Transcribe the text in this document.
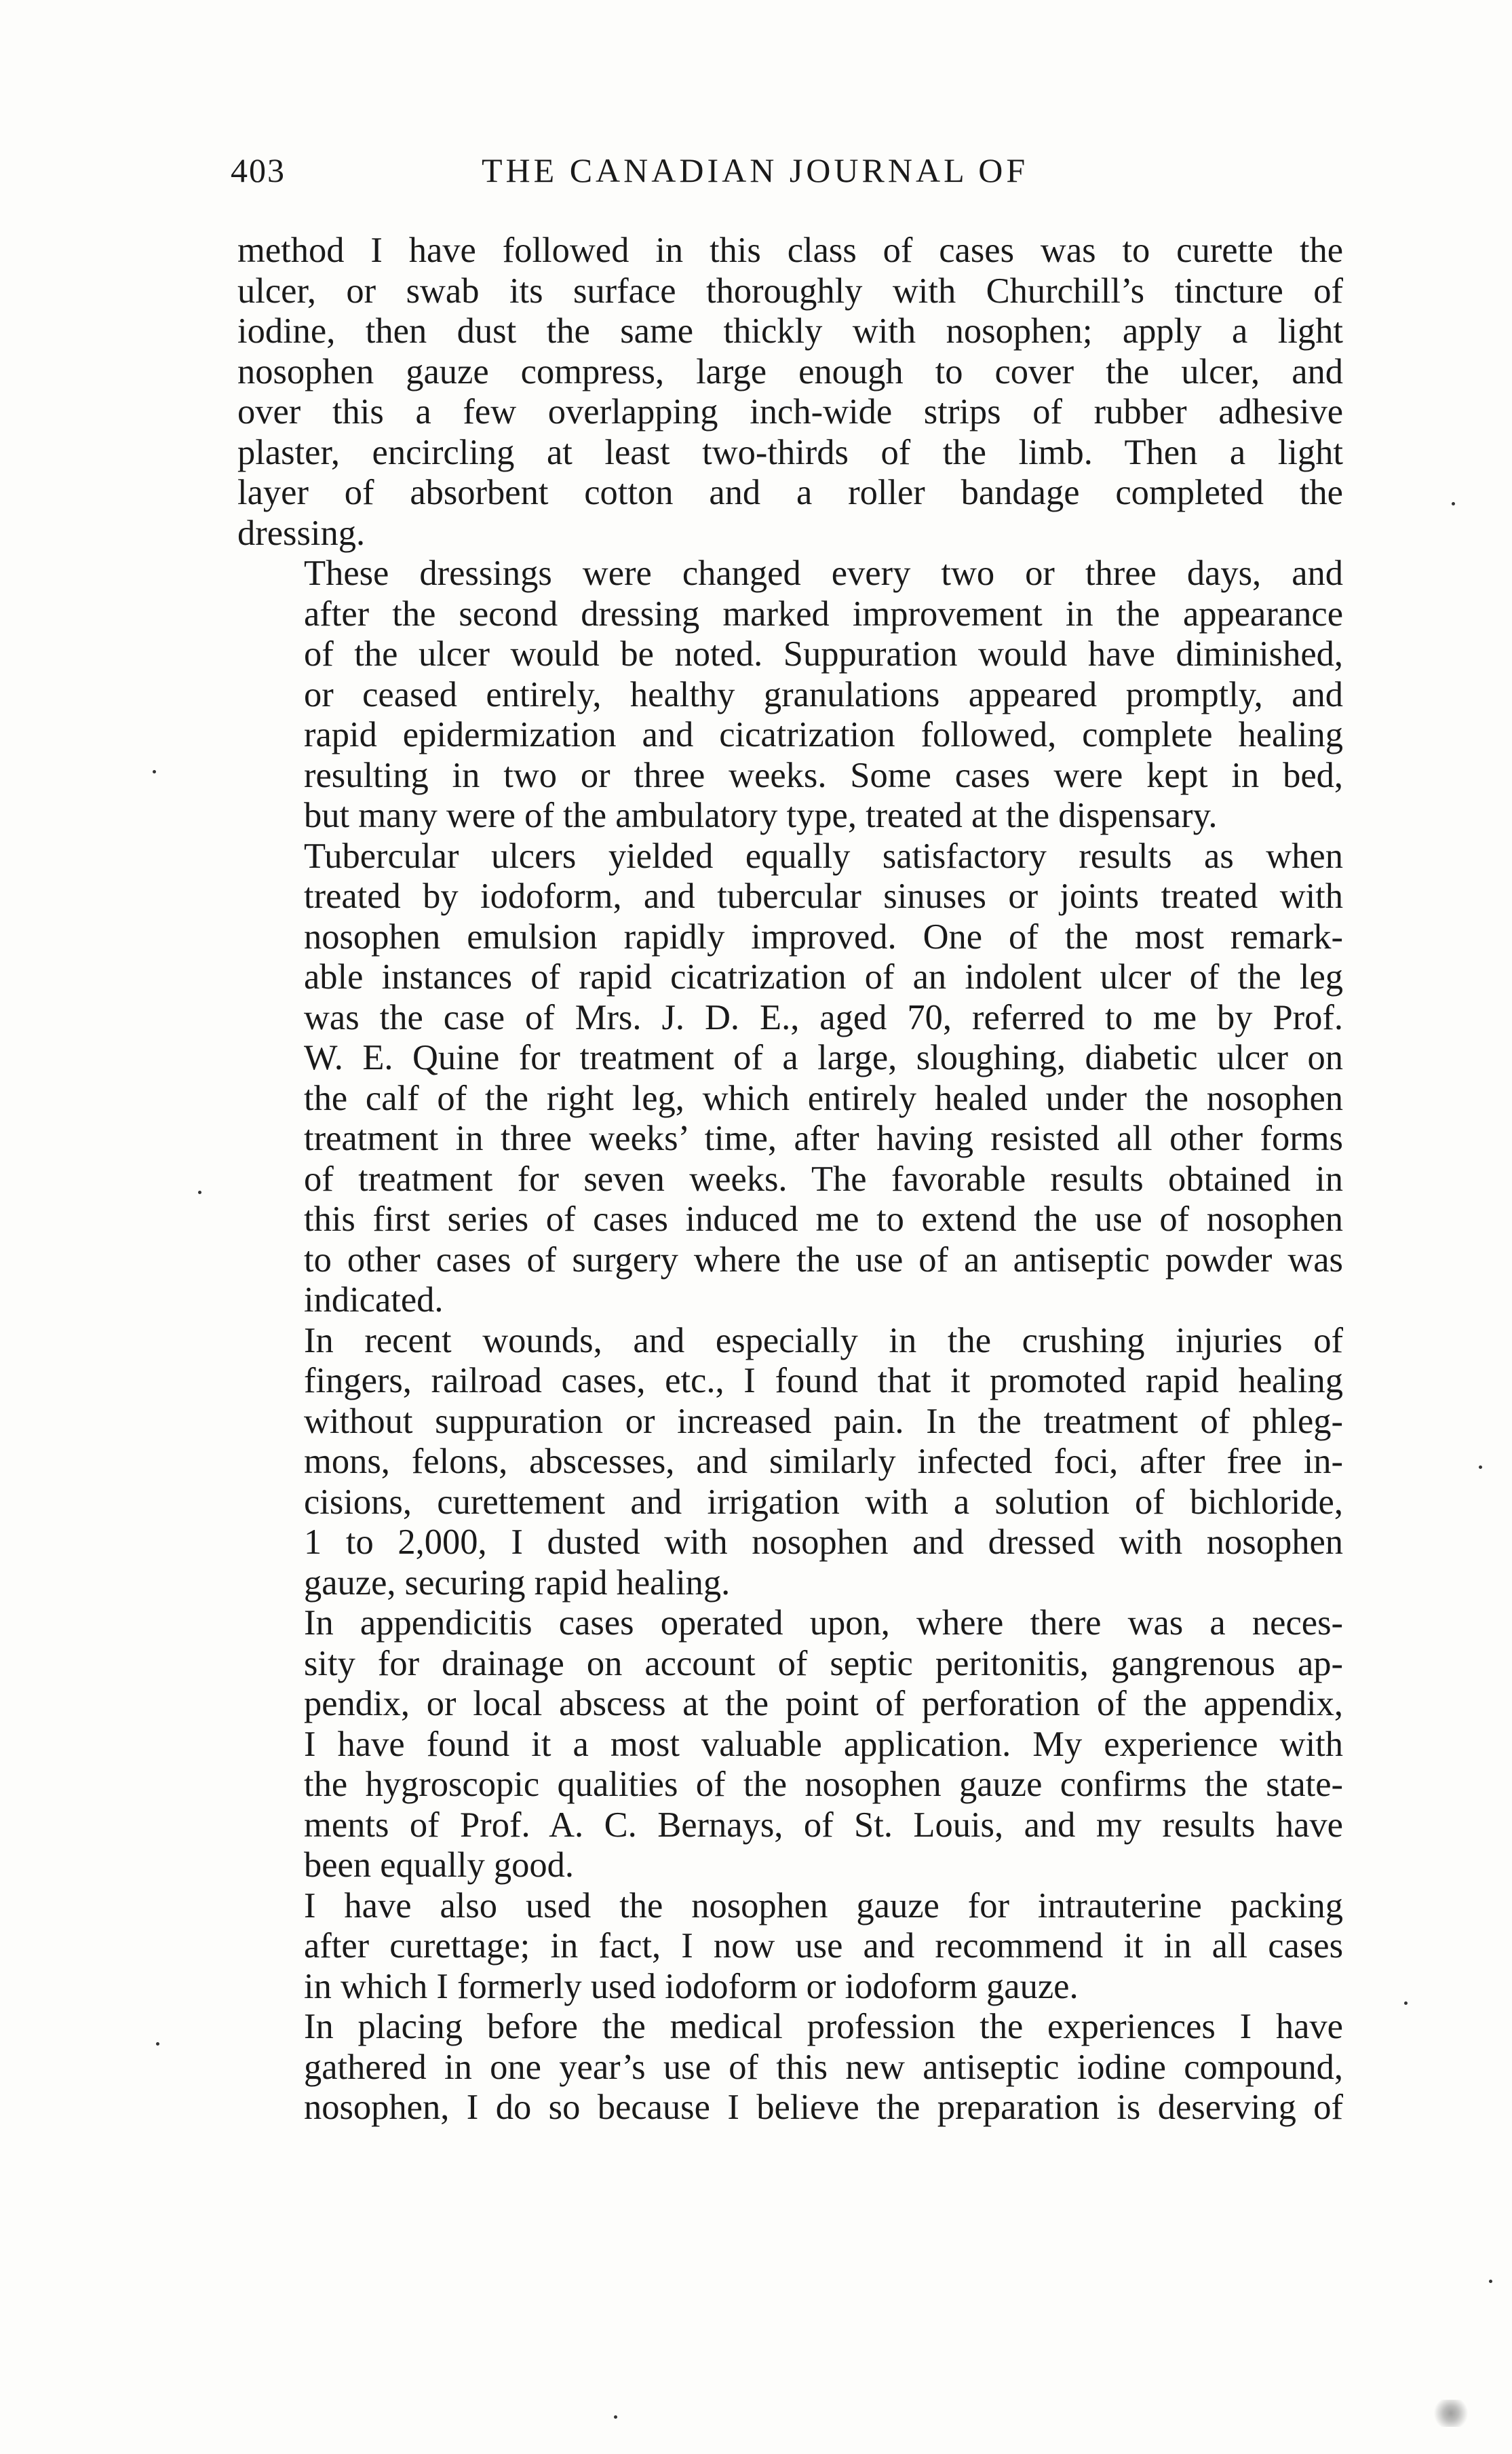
403	THE CANADIAN JOURNAL OF
method I have followed in this class of cases was to curette the
ulcer, or swab its surface thoroughly with Churchill’s tincture of
iodine, then dust the same thickly with nosophen; apply a light
nosophen gauze compress, large enough to cover the ulcer, and
over this a few overlapping inch-wide strips of rubber adhesive
plaster, encircling at least two-thirds of the limb. Then a light
layer of absorbent cotton and a roller bandage completed the
dressing.
These dressings were changed every two or three days, and
after the second dressing marked improvement in the appearance
of the ulcer would be noted. Suppuration would have diminished,
or ceased entirely, healthy granulations appeared promptly, and
rapid epidermization and cicatrization followed, complete healing
resulting in two or three weeks. Some cases were kept in bed,
but many were of the ambulatory type, treated at the dispensary.
Tubercular ulcers yielded equally satisfactory results as when
treated by iodoform, and tubercular sinuses or joints treated with
nosophen emulsion rapidly improved. One of the most remark-
able instances of rapid cicatrization of an indolent ulcer of the leg
was the case of Mrs. J. D. E., aged 70, referred to me by Prof.
W. E. Quine for treatment of a large, sloughing, diabetic ulcer on
the calf of the right leg, which entirely healed under the nosophen
treatment in three weeks’ time, after having resisted all other forms
of treatment for seven weeks. The favorable results obtained in
this first series of cases induced me to extend the use of nosophen
to other cases of surgery where the use of an antiseptic powder was
indicated.
In recent wounds, and especially in the crushing injuries of
fingers, railroad cases, etc., I found that it promoted rapid healing
without suppuration or increased pain. In the treatment of phleg-
mons, felons, abscesses, and similarly infected foci, after free in-
cisions, curettement and irrigation with a solution of bichloride,
1 to 2,000, I dusted with nosophen and dressed with nosophen
gauze, securing rapid healing.
In appendicitis cases operated upon, where there was a neces-
sity for drainage on account of septic peritonitis, gangrenous ap-
pendix, or local abscess at the point of perforation of the appendix,
I have found it a most valuable application. My experience with
the hygroscopic qualities of the nosophen gauze confirms the state-
ments of Prof. A. C. Bernays, of St. Louis, and my results have
been equally good.
I have also used the nosophen gauze for intrauterine packing
after curettage; in fact, I now use and recommend it in all cases
in which I formerly used iodoform or iodoform gauze.
In placing before the medical profession the experiences I have
gathered in one year’s use of this new antiseptic iodine compound,
nosophen, I do so because I believe the preparation is deserving of
